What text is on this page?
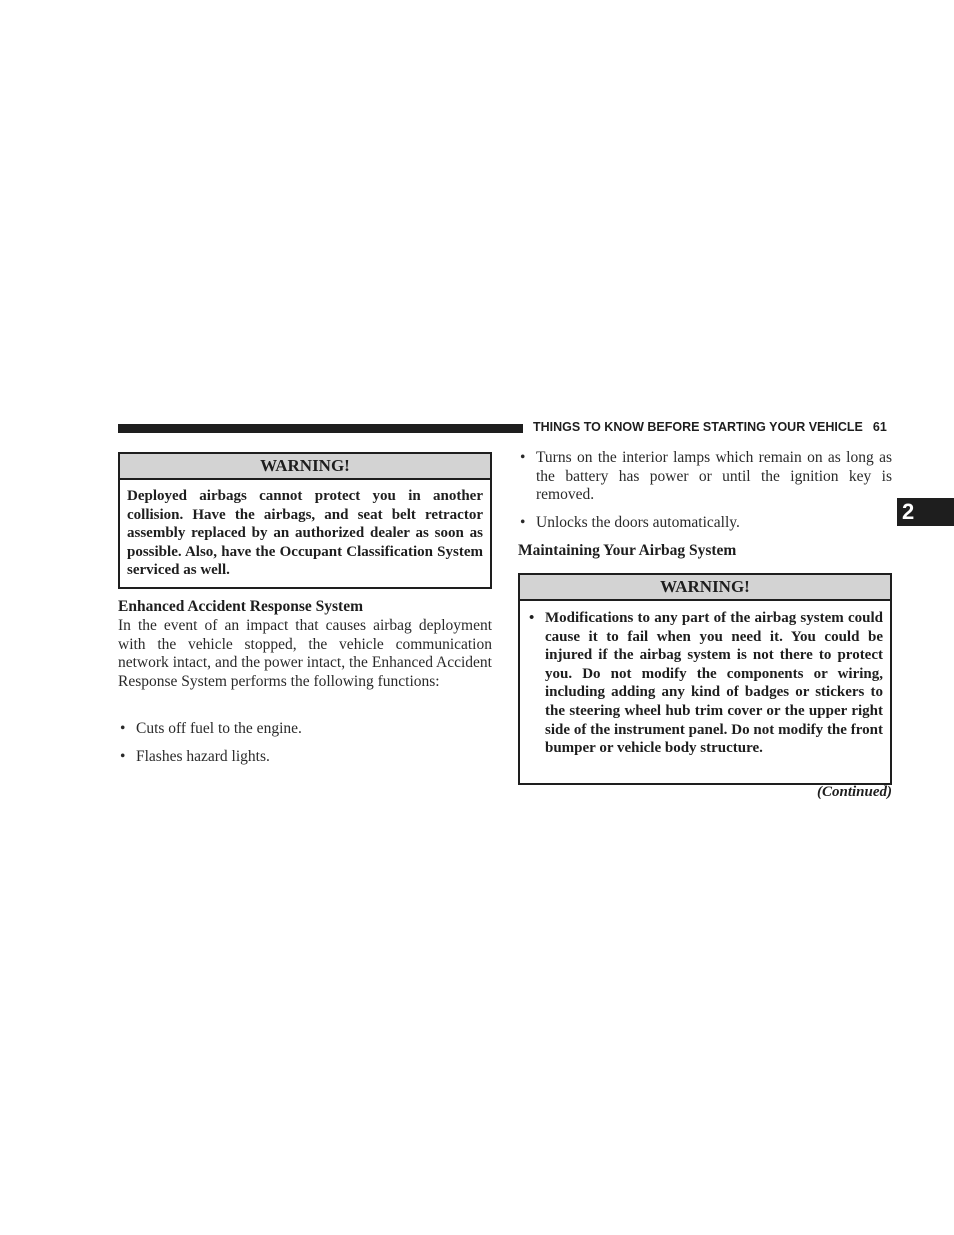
THINGS TO KNOW BEFORE STARTING YOUR VEHICLE 61
2
WARNING!
Deployed airbags cannot protect you in another collision. Have the airbags, and seat belt retractor assembly replaced by an authorized dealer as soon as possible. Also, have the Occupant Classification System serviced as well.
Enhanced Accident Response System
In the event of an impact that causes airbag deployment with the vehicle stopped, the vehicle communication network intact, and the power intact, the Enhanced Accident Response System performs the following functions:
• Cuts off fuel to the engine.
• Flashes hazard lights.
• Turns on the interior lamps which remain on as long as the battery has power or until the ignition key is removed.
• Unlocks the doors automatically.
Maintaining Your Airbag System
WARNING!
• Modifications to any part of the airbag system could cause it to fail when you need it. You could be injured if the airbag system is not there to protect you. Do not modify the components or wiring, including adding any kind of badges or stickers to the steering wheel hub trim cover or the upper right side of the instrument panel. Do not modify the front bumper or vehicle body structure.
(Continued)
